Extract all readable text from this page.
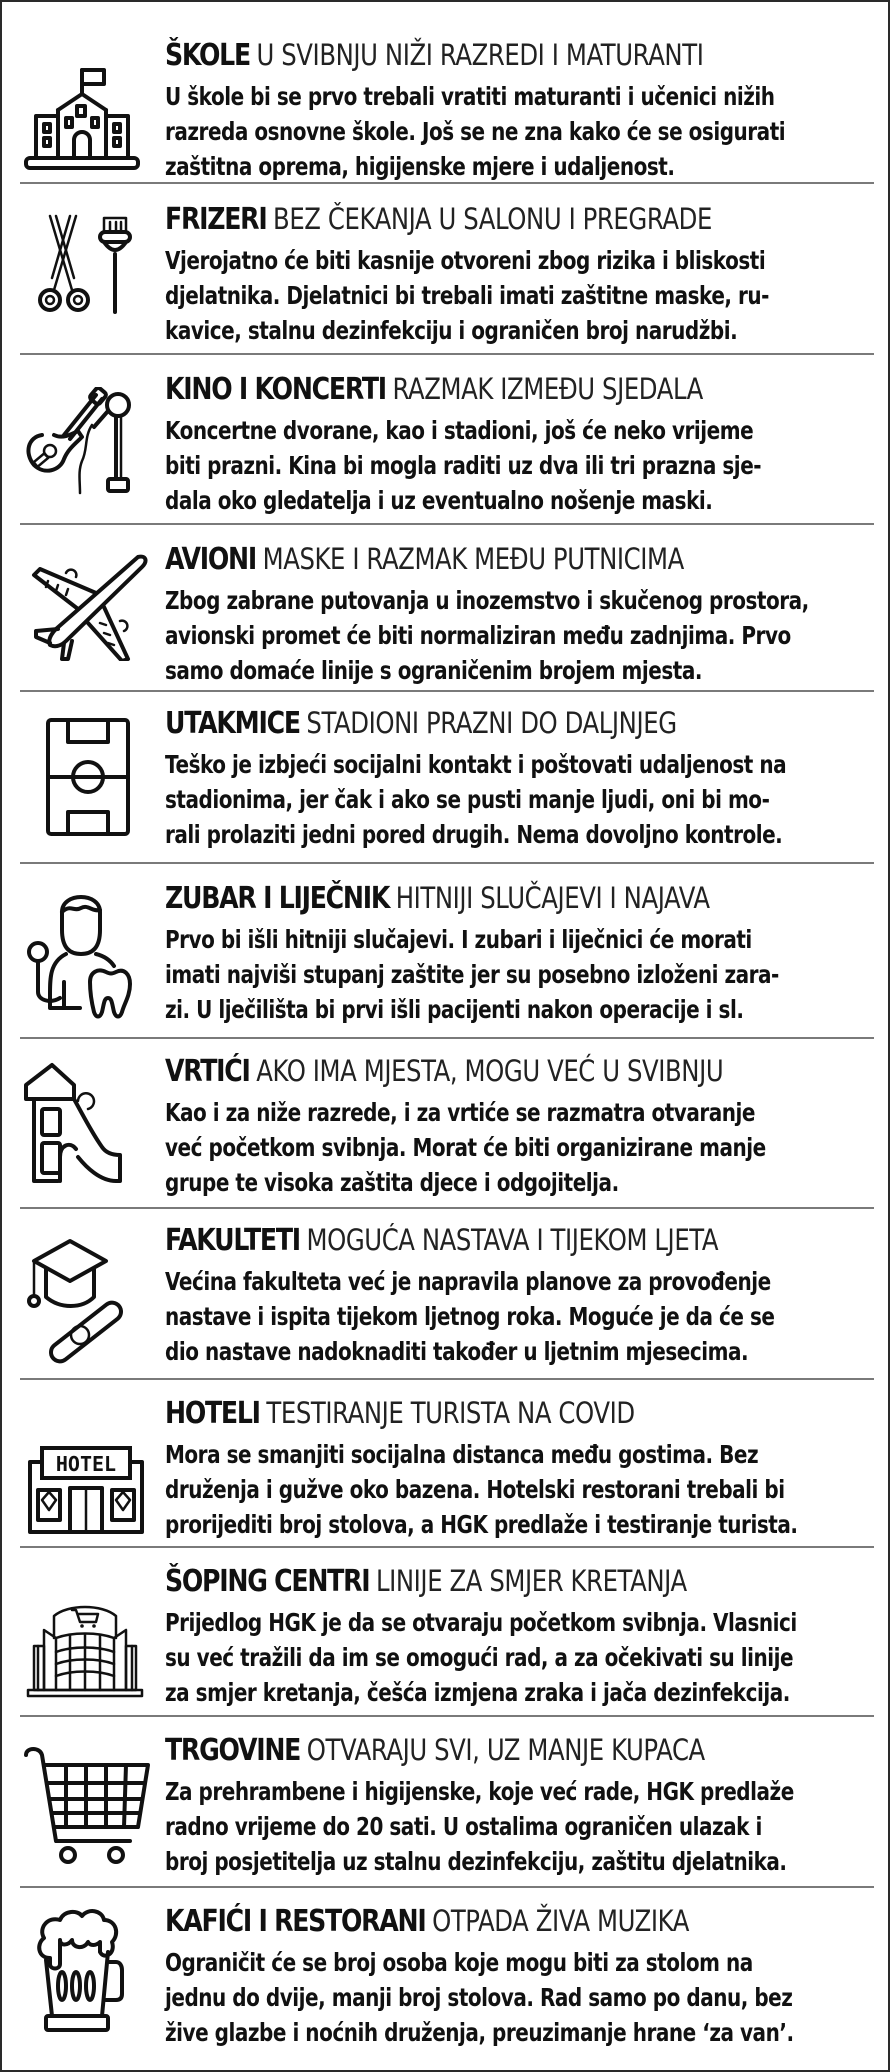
ŠKOLE U SVIBNJU NIŽI RAZREDI I MATURANTI
U škole bi se prvo trebali vratiti maturanti i učenici nižih
razreda osnovne škole. Još se ne zna kako će se osigurati
zaštitna oprema, higijenske mjere i udaljenost.
FRIZERI BEZ ČEKANJA U SALONU I PREGRADE
Vjerojatno će biti kasnije otvoreni zbog rizika i bliskosti
djelatnika. Djelatnici bi trebali imati zaštitne maske, ru-
kavice, stalnu dezinfekciju i ograničen broj narudžbi.
KINO I KONCERTI RAZMAK IZMEĐU SJEDALA
Koncertne dvorane, kao i stadioni, još će neko vrijeme
biti prazni. Kina bi mogla raditi uz dva ili tri prazna sje-
dala oko gledatelja i uz eventualno nošenje maski.
AVIONI MASKE I RAZMAK MEĐU PUTNICIMA
Zbog zabrane putovanja u inozemstvo i skučenog prostora,
avionski promet će biti normaliziran među zadnjima. Prvo
samo domaće linije s ograničenim brojem mjesta.
UTAKMICE STADIONI PRAZNI DO DALJNJEG
Teško je izbjeći socijalni kontakt i poštovati udaljenost na
stadionima, jer čak i ako se pusti manje ljudi, oni bi mo-
rali prolaziti jedni pored drugih. Nema dovoljno kontrole.
ZUBAR I LIJEČNIK HITNIJI SLUČAJEVI I NAJAVA
Prvo bi išli hitniji slučajevi. I zubari i liječnici će morati
imati najviši stupanj zaštite jer su posebno izloženi zara-
zi. U lječilišta bi prvi išli pacijenti nakon operacije i sl.
VRTIĆI AKO IMA MJESTA, MOGU VEĆ U SVIBNJU
Kao i za niže razrede, i za vrtiće se razmatra otvaranje
već početkom svibnja. Morat će biti organizirane manje
grupe te visoka zaštita djece i odgojitelja.
FAKULTETI MOGUĆA NASTAVA I TIJEKOM LJETA
Većina fakulteta već je napravila planove za provođenje
nastave i ispita tijekom ljetnog roka. Moguće je da će se
dio nastave nadoknaditi također u ljetnim mjesecima.
HOTEL
HOTELI TESTIRANJE TURISTA NA COVID
Mora se smanjiti socijalna distanca među gostima. Bez
druženja i gužve oko bazena. Hotelski restorani trebali bi
prorijediti broj stolova, a HGK predlaže i testiranje turista.
ŠOPING CENTRI LINIJE ZA SMJER KRETANJA
Prijedlog HGK je da se otvaraju početkom svibnja. Vlasnici
su već tražili da im se omogući rad, a za očekivati su linije
za smjer kretanja, češća izmjena zraka i jača dezinfekcija.
TRGOVINE OTVARAJU SVI, UZ MANJE KUPACA
Za prehrambene i higijenske, koje već rade, HGK predlaže
radno vrijeme do 20 sati. U ostalima ograničen ulazak i
broj posjetitelja uz stalnu dezinfekciju, zaštitu djelatnika.
KAFIĆI I RESTORANI OTPADA ŽIVA MUZIKA
Ograničit će se broj osoba koje mogu biti za stolom na
jednu do dvije, manji broj stolova. Rad samo po danu, bez
žive glazbe i noćnih druženja, preuzimanje hrane ‘za van’.
